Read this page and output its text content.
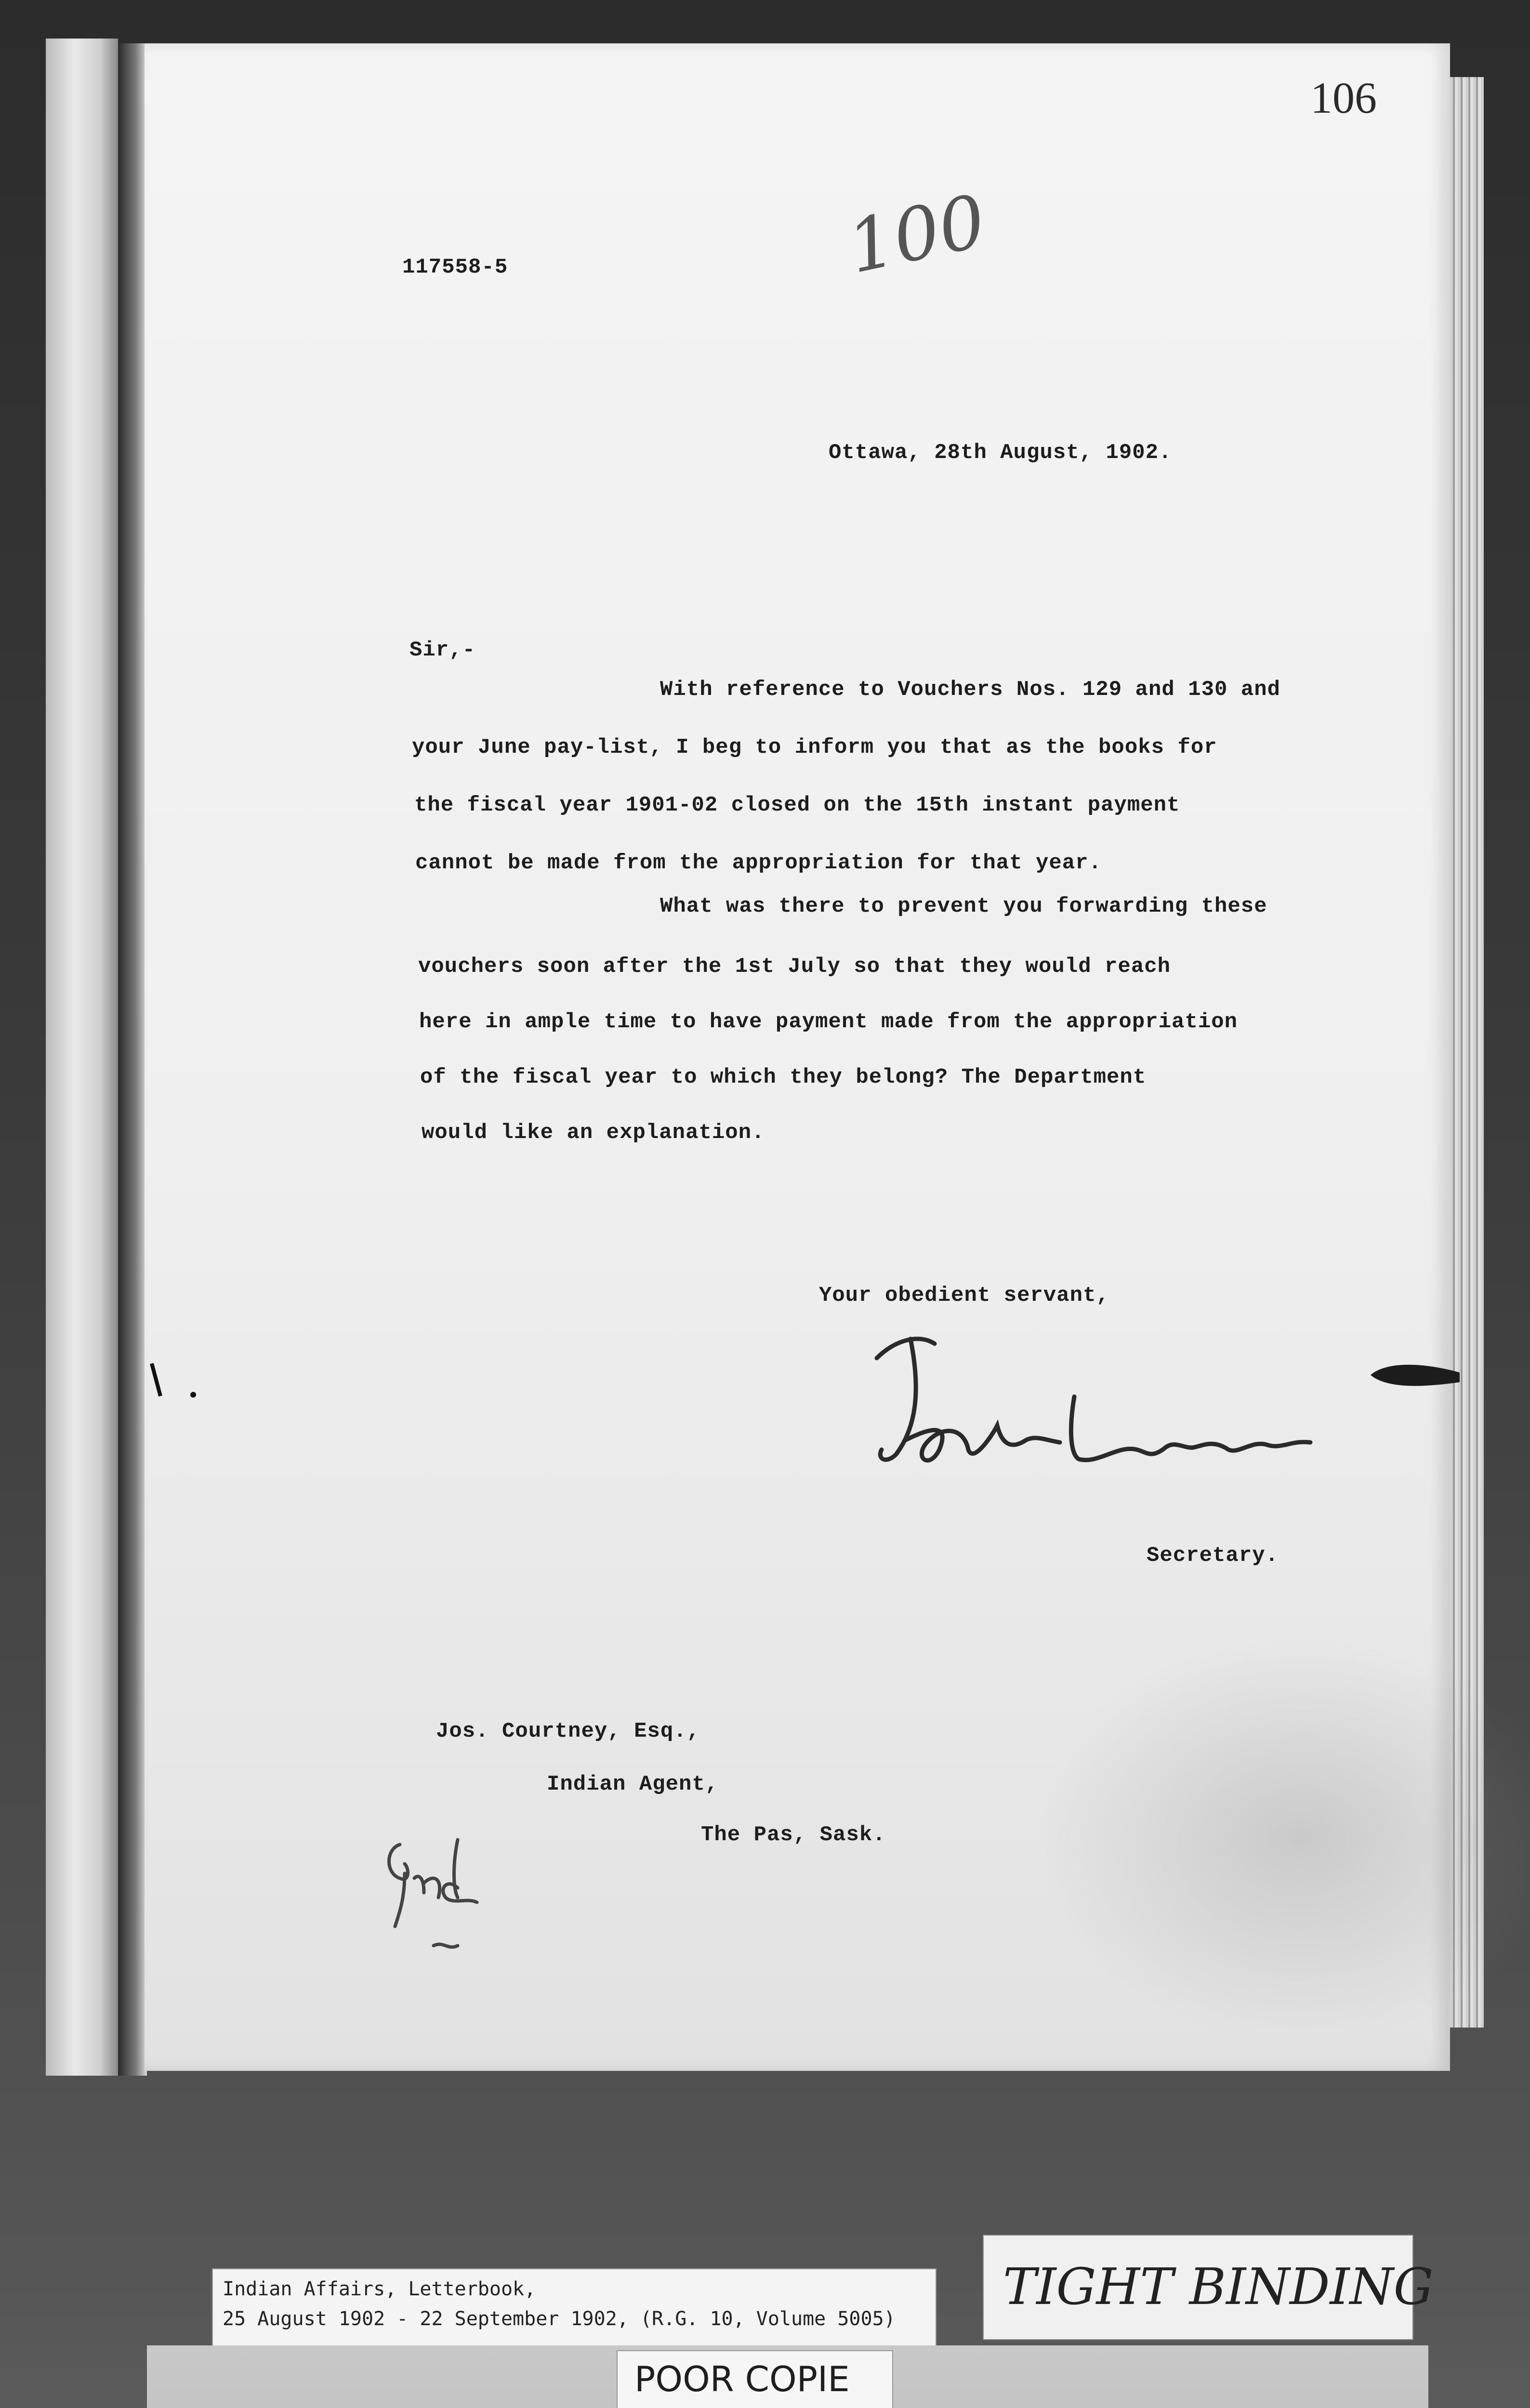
106
100
117558-5
Ottawa, 28th August, 1902.
Sir,-
With reference to Vouchers Nos. 129 and 130 and
your June pay-list, I beg to inform you that as the books for
the fiscal year 1901-02 closed on the 15th instant payment
cannot be made from the appropriation for that year.
What was there to prevent you forwarding these
vouchers soon after the 1st July so that they would reach
here in ample time to have payment made from the appropriation
of the fiscal year to which they belong? The Department
would like an explanation.
Your obedient servant,
Secretary.
Jos. Courtney, Esq.,
Indian Agent,
The Pas, Sask.
Indian Affairs, Letterbook,
25 August 1902 - 22 September 1902, (R.G. 10, Volume 5005)
TIGHT BINDING
POOR COPIE
